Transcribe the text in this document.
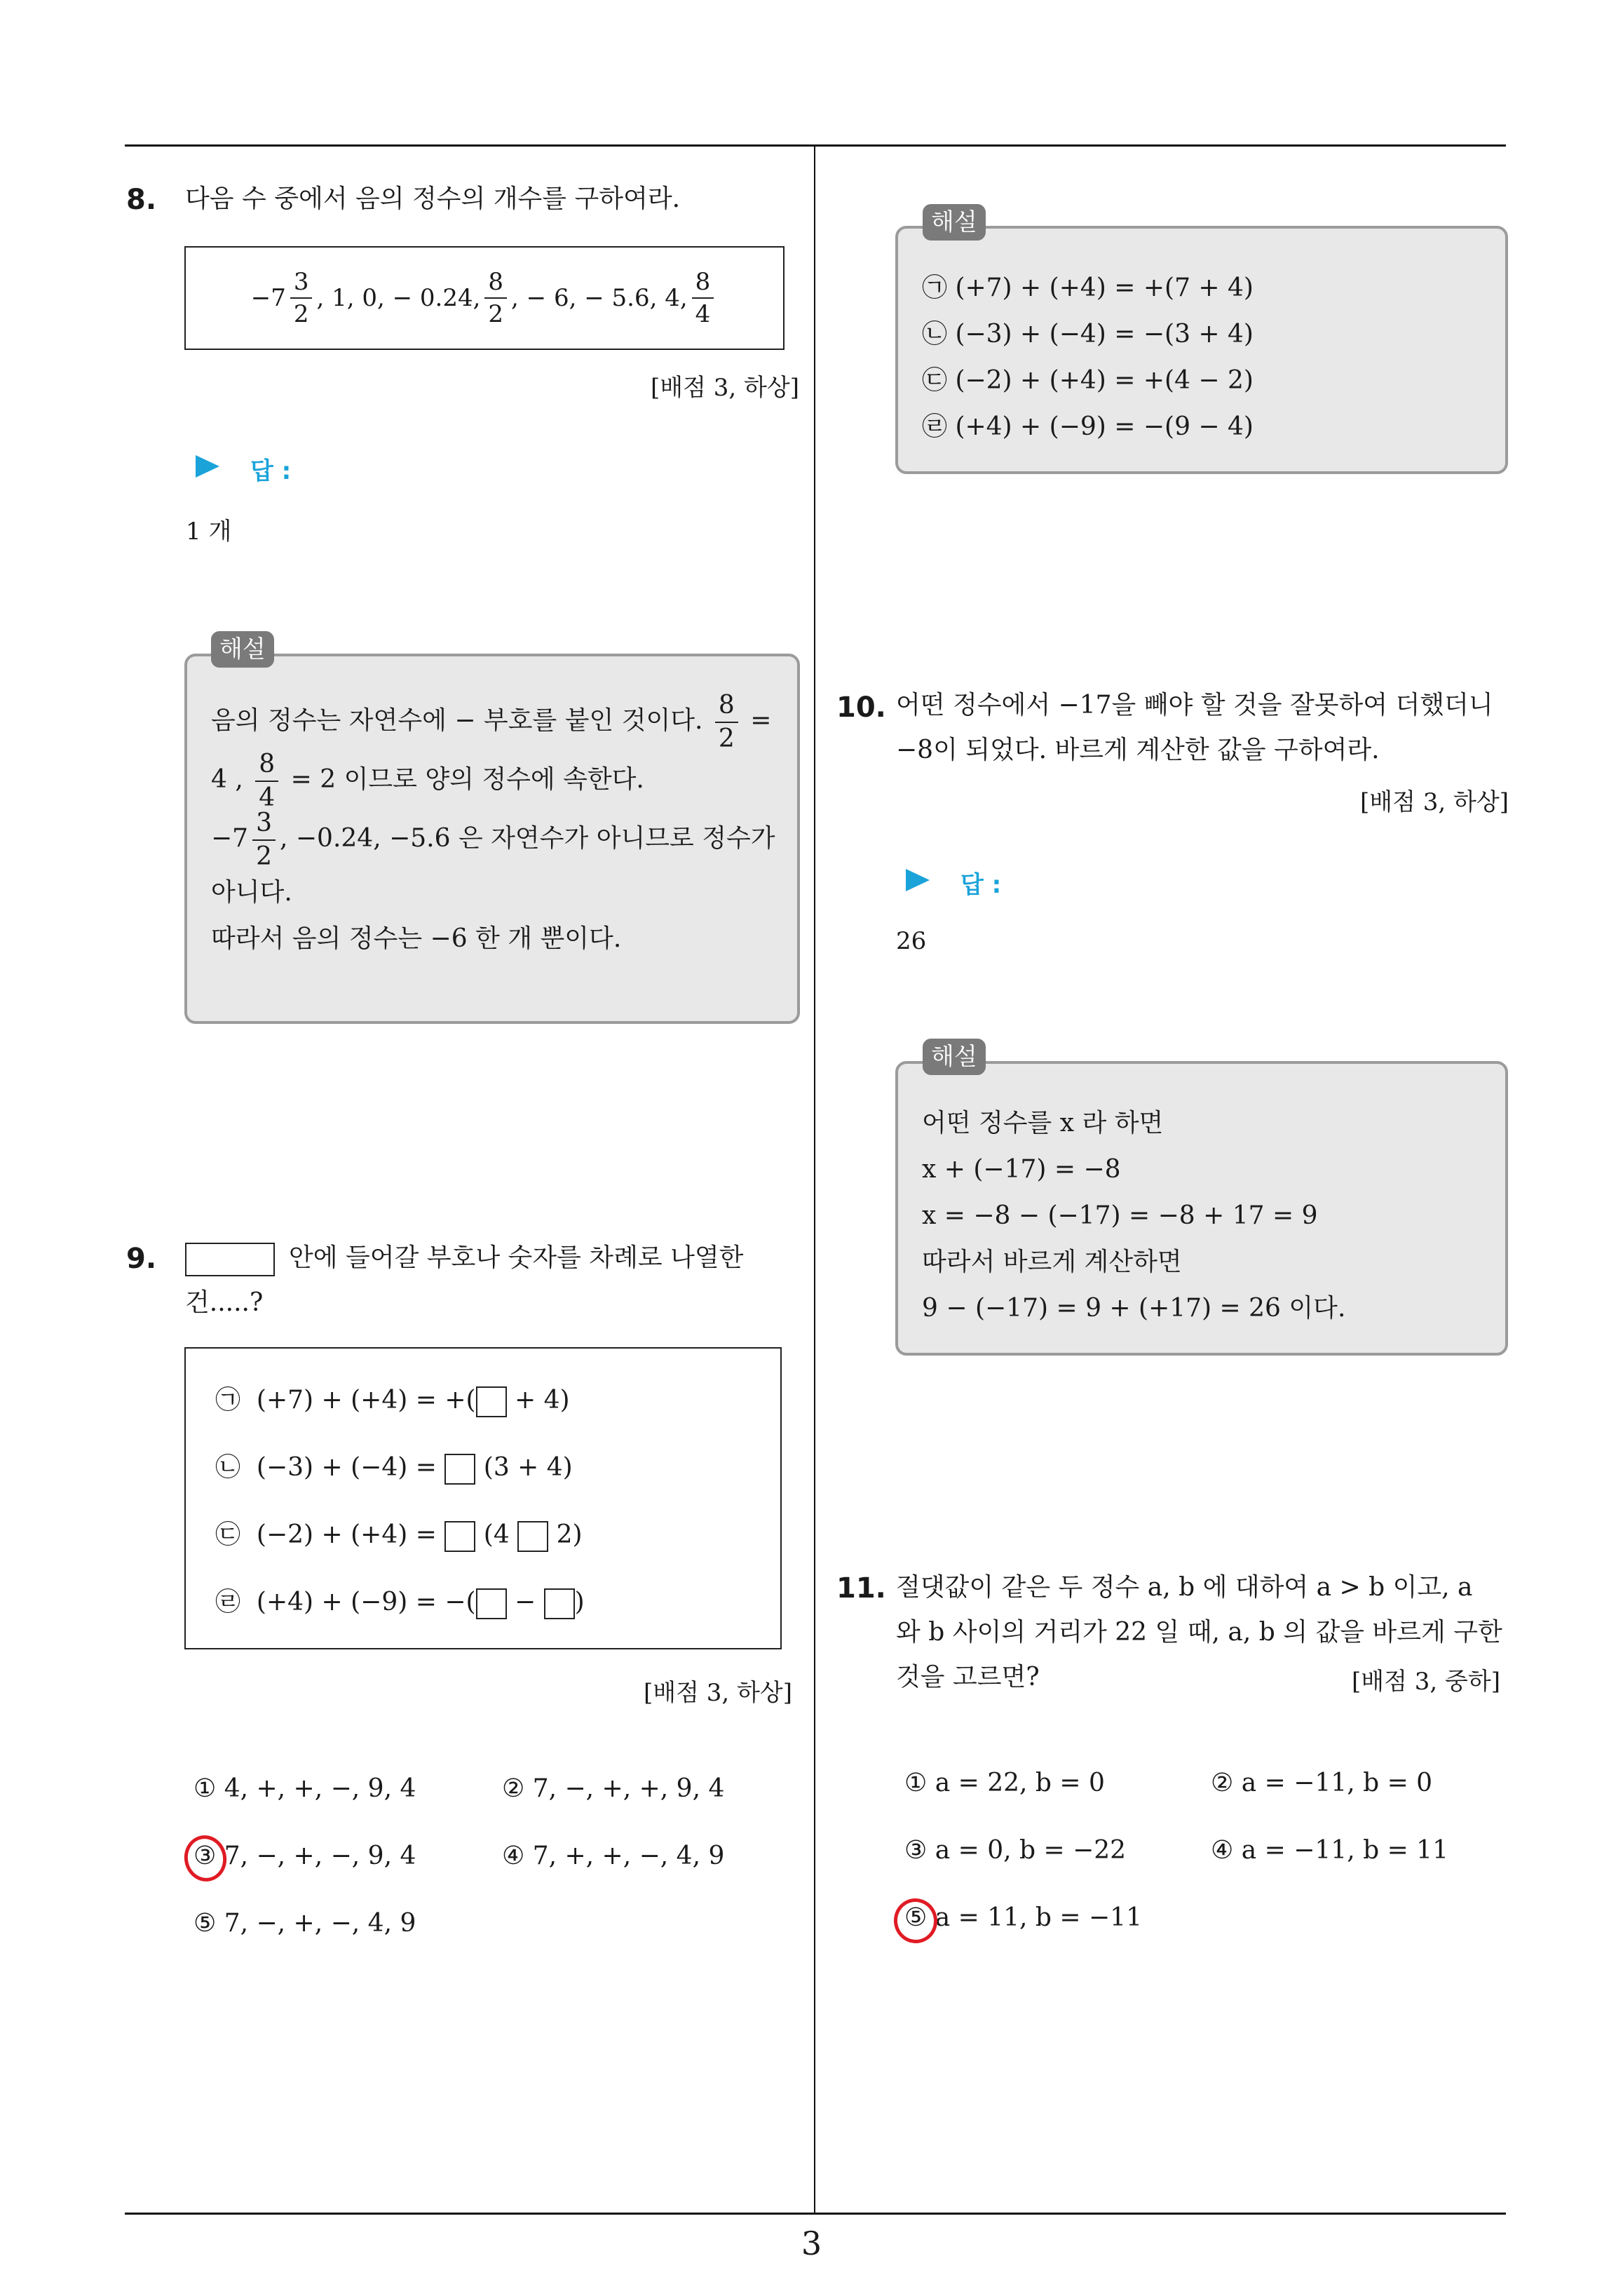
3
8. 다음 수 중에서 음의 정수의 개수를 구하여라.
$-7 \frac{3}{2}$ , 1, 0, − 0.24, $\frac{8}{2}$ , − 6, − 5.6, 4, $\frac{8}{4}$
[배점 3, 하상]
답 :
1 개
음의 정수는 자연수에 − 부호를 붙인 것이다. $\frac{8}{2}$ =
4 , $\frac{8}{4} = 2$ 이므로 양의 정수에 속한다.
$-7 \frac{3}{2}$ , −0.24, −5.6 은 자연수가 아니므로 정수가
아니다.
따라서 음의 정수는 −6 한 개 뿐이다.
해설
9.	안에 들어갈 부호나 숫자를 차례로 나열한
건.....?
㉠ (+7) + (+4) = +( + 4)
㉡ (−3) + (−4) =  (3 + 4)
㉢ (−2) + (+4) =  (4  2)
㉣ (+4) + (−9) = −( − )
[배점 3, 하상]
① 4, +, +, −, 9, 4	② 7, −, +, +, 9, 4
③ 7, −, +, −, 9, 4	④ 7, +, +, −, 4, 9
⑤ 7, −, +, −, 4, 9
㉠ (+7) + (+4) = +(7 + 4)
㉡ (−3) + (−4) = −(3 + 4)
㉢ (−2) + (+4) = +(4 − 2)
㉣ (+4) + (−9) = −(9 − 4)
해설
10. 어떤 정수에서 −17을 빼야 할 것을 잘못하여 더했더니
−8이 되었다. 바르게 계산한 값을 구하여라.
[배점 3, 하상]
답 :
26
어떤 정수를 x 라 하면
x + (−17) = −8
x = −8 − (−17) = −8 + 17 = 9
따라서 바르게 계산하면
9 − (−17) = 9 + (+17) = 26 이다.
해설
11. 절댓값이 같은 두 정수 a, b 에 대하여 a > b 이고, a
와 b 사이의 거리가 22 일 때, a, b 의 값을 바르게 구한
것을 고르면?	[배점 3, 중하]
① a = 22, b = 0	② a = −11, b = 0
③ a = 0, b = −22	④ a = −11, b = 11
⑤ a = 11, b = −11
